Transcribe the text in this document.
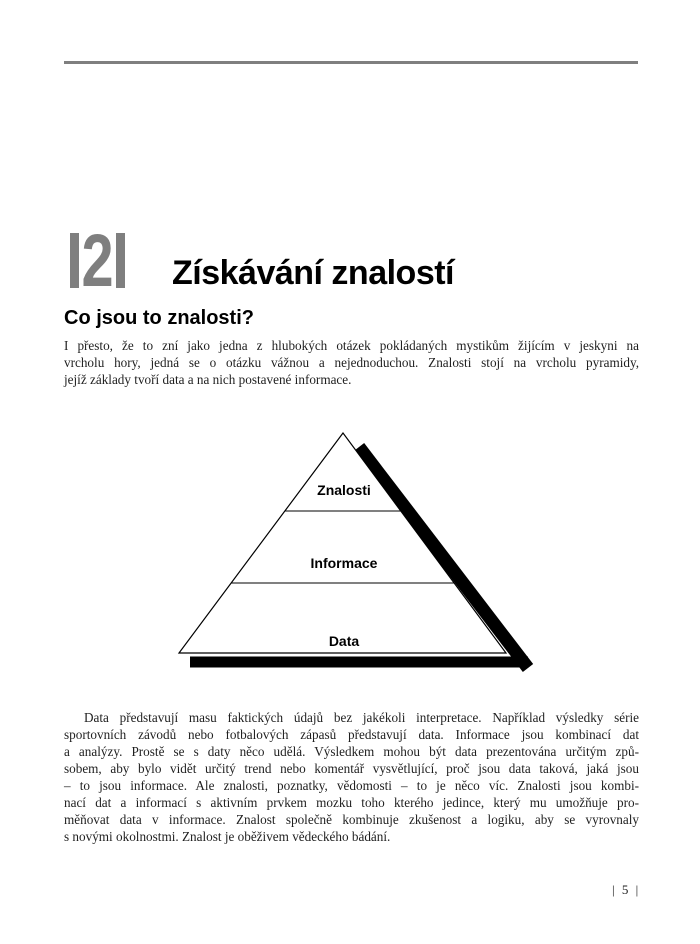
2 Získávání znalostí
Co jsou to znalosti?
I přesto, že to zní jako jedna z hlubokých otázek pokládaných mystikům žijícím v jeskyni na
vrcholu hory, jedná se o otázku vážnou a nejednoduchou. Znalosti stojí na vrcholu pyramidy,
jejíž základy tvoří data a na nich postavené informace.
Znalosti
Informace
Data
Data představují masu faktických údajů bez jakékoli interpretace. Například výsledky série
sportovních závodů nebo fotbalových zápasů představují data. Informace jsou kombinací dat
a analýzy. Prostě se s daty něco udělá. Výsledkem mohou být data prezentována určitým způ-
sobem, aby bylo vidět určitý trend nebo komentář vysvětlující, proč jsou data taková, jaká jsou
– to jsou informace. Ale znalosti, poznatky, vědomosti – to je něco víc. Znalosti jsou kombi-
nací dat a informací s aktivním prvkem mozku toho kterého jedince, který mu umožňuje pro-
měňovat data v informace. Znalost společně kombinuje zkušenost a logiku, aby se vyrovnaly
s novými okolnostmi. Znalost je oběživem vědeckého bádání.
| 5 |
